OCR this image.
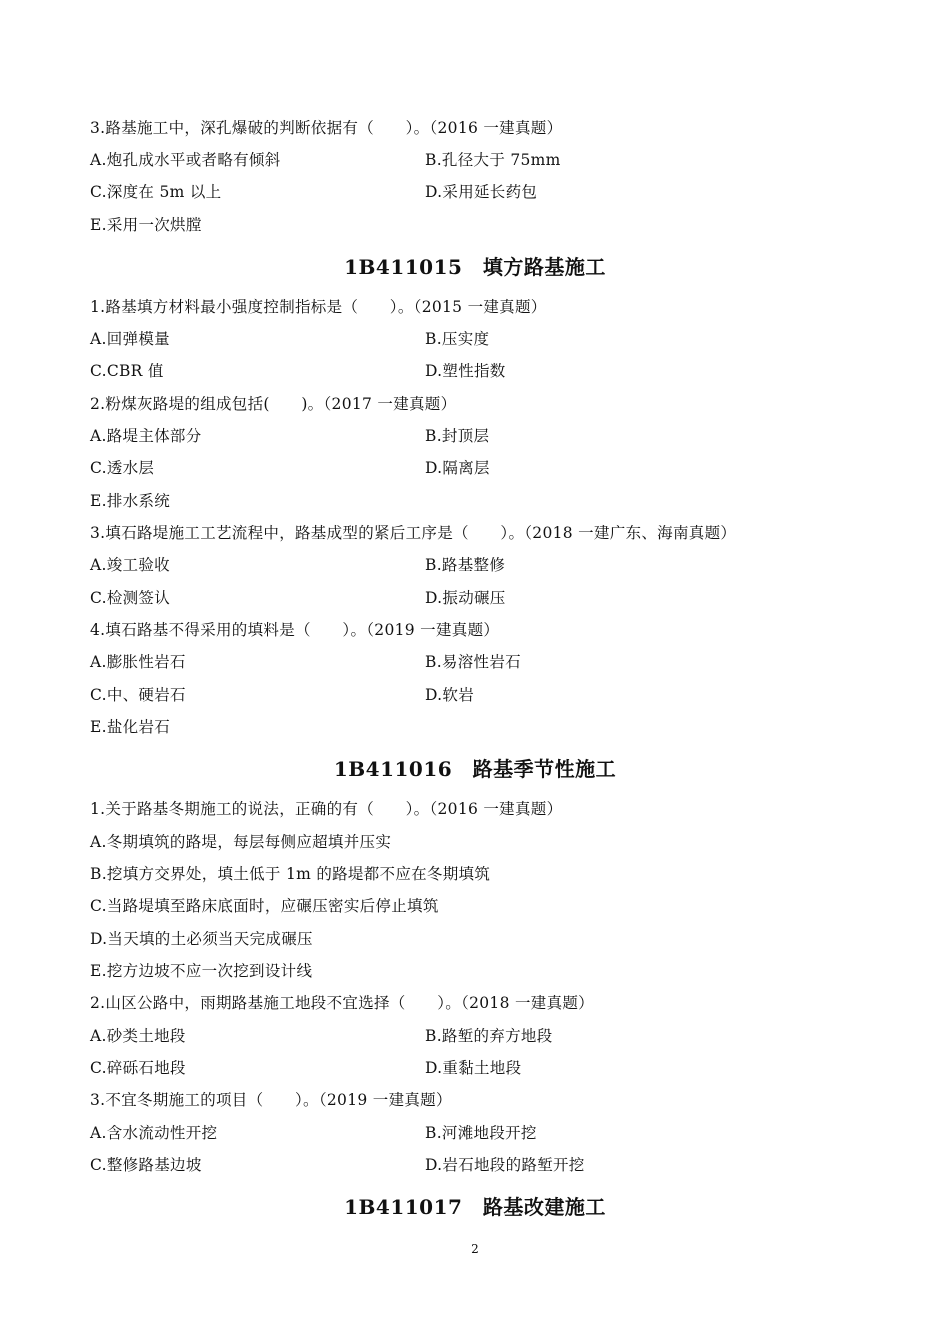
3.路基施工中，深孔爆破的判断依据有（　　）。（2016 一建真题）
A.炮孔成水平或者略有倾斜	B.孔径大于 75mm
C.深度在 5m 以上	D.采用延长药包
E.采用一次烘膛
1B411015　填方路基施工
1.路基填方材料最小强度控制指标是（　　）。（2015 一建真题）
A.回弹模量	B.压实度
C.CBR 值	D.塑性指数
2.粉煤灰路堤的组成包括(　　)。（2017 一建真题）
A.路堤主体部分	B.封顶层
C.透水层	D.隔离层
E.排水系统
3.填石路堤施工工艺流程中，路基成型的紧后工序是（　　）。（2018 一建广东、海南真题）
A.竣工验收	B.路基整修
C.检测签认	D.振动碾压
4.填石路基不得采用的填料是（　　）。（2019 一建真题）
A.膨胀性岩石	B.易溶性岩石
C.中、硬岩石	D.软岩
E.盐化岩石
1B411016　路基季节性施工
1.关于路基冬期施工的说法，正确的有（　　）。（2016 一建真题）
A.冬期填筑的路堤，每层每侧应超填并压实
B.挖填方交界处，填土低于 1m 的路堤都不应在冬期填筑
C.当路堤填至路床底面时，应碾压密实后停止填筑
D.当天填的土必须当天完成碾压
E.挖方边坡不应一次挖到设计线
2.山区公路中，雨期路基施工地段不宜选择（　　）。（2018 一建真题）
A.砂类土地段	B.路堑的弃方地段
C.碎砾石地段	D.重黏土地段
3.不宜冬期施工的项目（　　）。（2019 一建真题）
A.含水流动性开挖	B.河滩地段开挖
C.整修路基边坡	D.岩石地段的路堑开挖
1B411017　路基改建施工
2
